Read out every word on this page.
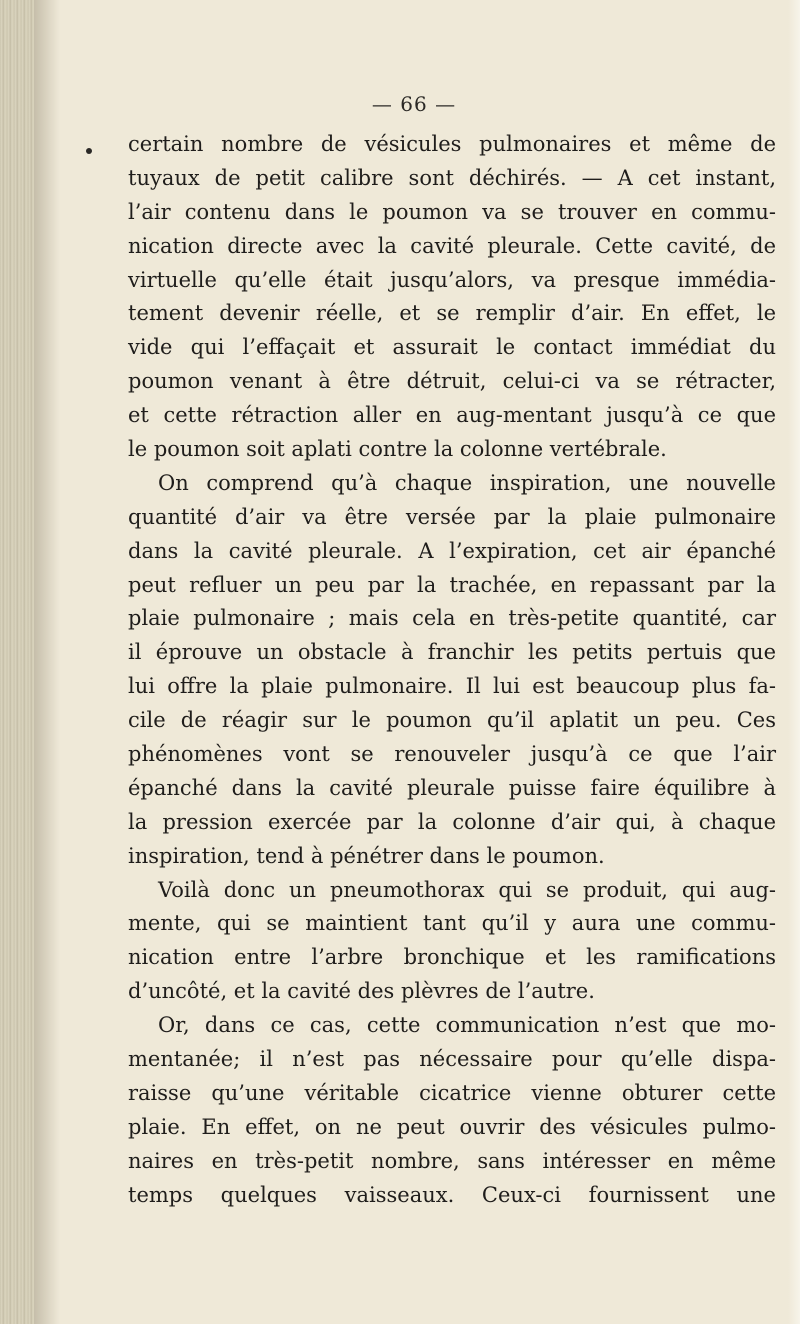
— 66 —

certain nombre de vésicules pulmonaires et même de
tuyaux de petit calibre sont déchirés. — A cet instant,
l’air contenu dans le poumon va se trouver en commu-
nication directe avec la cavité pleurale. Cette cavité, de
virtuelle qu’elle était jusqu’alors, va presque immédia-
tement devenir réelle, et se remplir d’air. En effet, le
vide qui l’effaçait et assurait le contact immédiat du
poumon venant à être détruit, celui-ci va se rétracter,
et cette rétraction aller en aug-mentant jusqu’à ce que
le poumon soit aplati contre la colonne vertébrale.
On comprend qu’à chaque inspiration, une nouvelle
quantité d’air va être versée par la plaie pulmonaire
dans la cavité pleurale. A l’expiration, cet air épanché
peut refluer un peu par la trachée, en repassant par la
plaie pulmonaire ; mais cela en très-petite quantité, car
il éprouve un obstacle à franchir les petits pertuis que
lui offre la plaie pulmonaire. Il lui est beaucoup plus fa-
cile de réagir sur le poumon qu’il aplatit un peu. Ces
phénomènes vont se renouveler jusqu’à ce que l’air
épanché dans la cavité pleurale puisse faire équilibre à
la pression exercée par la colonne d’air qui, à chaque
inspiration, tend à pénétrer dans le poumon.
Voilà donc un pneumothorax qui se produit, qui aug-
mente, qui se maintient tant qu’il y aura une commu-
nication entre l’arbre bronchique et les ramifications
d’uncôté, et la cavité des plèvres de l’autre.
Or, dans ce cas, cette communication n’est que mo-
mentanée; il n’est pas nécessaire pour qu’elle dispa-
raisse qu’une véritable cicatrice vienne obturer cette
plaie. En effet, on ne peut ouvrir des vésicules pulmo-
naires en très-petit nombre, sans intéresser en même
temps quelques vaisseaux. Ceux-ci fournissent une
